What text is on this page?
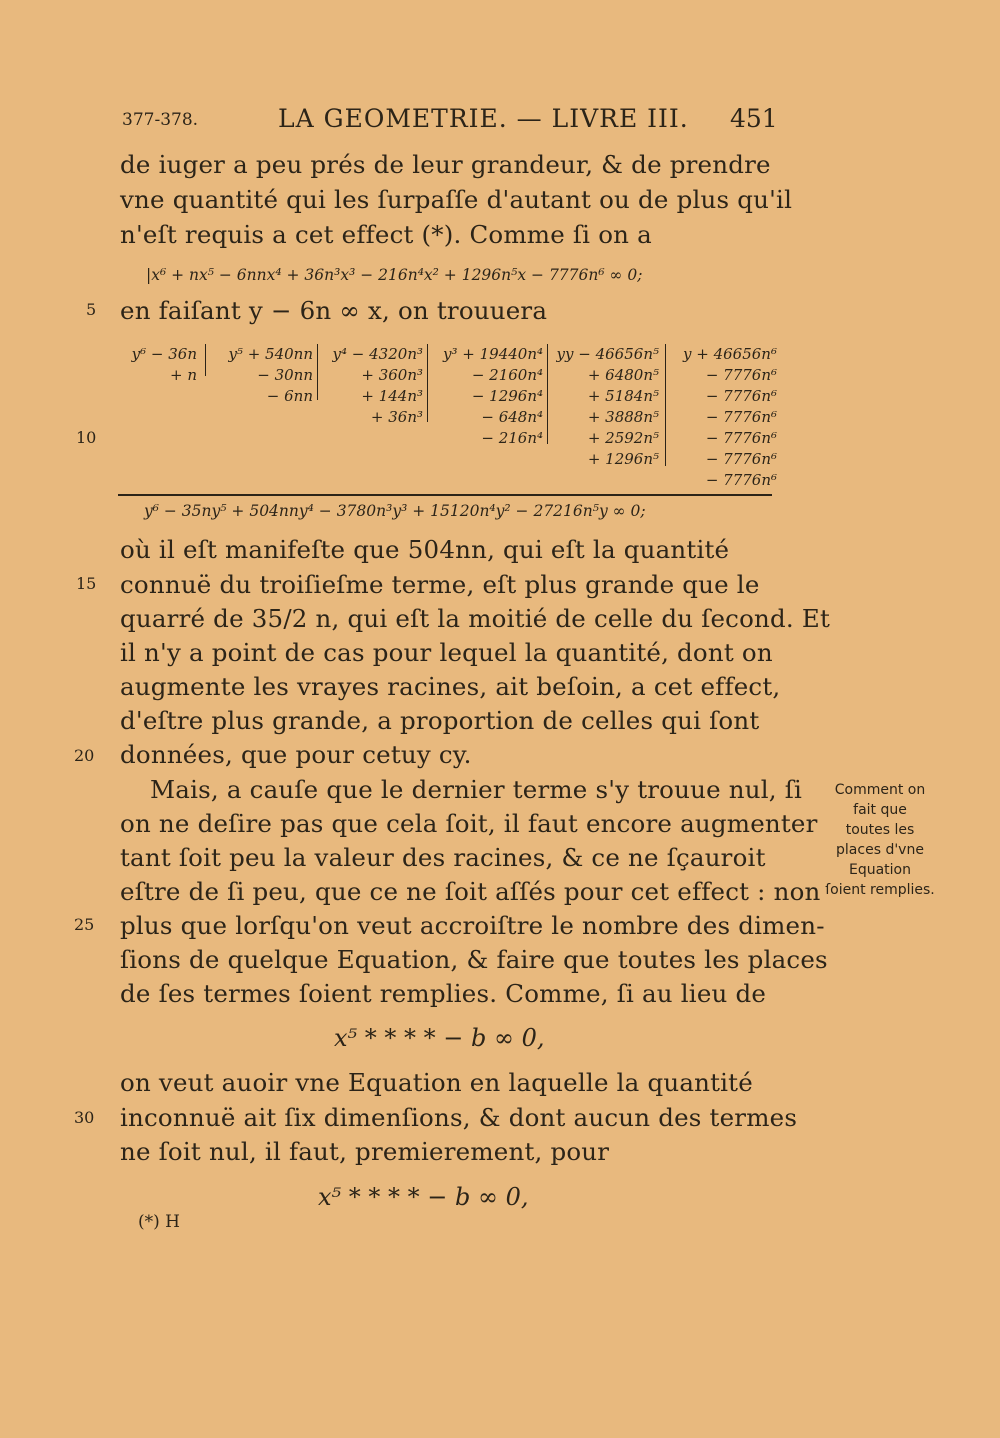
377-378.	LA GEOMETRIE. — LIVRE III. 451
de iuger a peu prés de leur grandeur, & de prendre
vne quantité qui les ſurpaſſe d'autant ou de plus qu'il
n'eſt requis a cet effect (*). Comme ſi on a
|x⁶ + nx⁵ − 6nnx⁴ + 36n³x³ − 216n⁴x² + 1296n⁵x − 7776n⁶ ∞ 0;
5 en faiſant y − 6n ∞ x, on trouuera
y⁶ − 36n
+ n
y⁵ + 540nn
− 30nn
− 6nn
y⁴ − 4320n³
+ 360n³
+ 144n³
+ 36n³
y³ + 19440n⁴
− 2160n⁴
− 1296n⁴
− 648n⁴
− 216n⁴
yy − 46656n⁵
+ 6480n⁵
+ 5184n⁵
+ 3888n⁵
+ 2592n⁵
+ 1296n⁵
y + 46656n⁶
− 7776n⁶
− 7776n⁶
− 7776n⁶
− 7776n⁶
− 7776n⁶
− 7776n⁶
10
y⁶ − 35ny⁵ + 504nny⁴ − 3780n³y³ + 15120n⁴y² − 27216n⁵y ∞ 0;
où il eſt manifeſte que 504nn, qui eſt la quantité
15 connuë du troiſieſme terme, eſt plus grande que le
quarré de 35/2 n, qui eſt la moitié de celle du ſecond. Et
il n'y a point de cas pour lequel la quantité, dont on
augmente les vrayes racines, ait beſoin, a cet effect,
d'eſtre plus grande, a proportion de celles qui ſont
20 données, que pour cetuy cy.
Mais, a cauſe que le dernier terme s'y trouue nul, ſi
on ne deſire pas que cela ſoit, il faut encore augmenter
tant ſoit peu la valeur des racines, & ce ne ſçauroit
eſtre de ſi peu, que ce ne ſoit aſſés pour cet effect : non
25 plus que lorſqu'on veut accroiſtre le nombre des dimen-
ſions de quelque Equation, & faire que toutes les places
de ſes termes ſoient remplies. Comme, ſi au lieu de
x⁵ * * * * − b ∞ 0,
on veut auoir vne Equation en laquelle la quantité
30 inconnuë ait ſix dimenſions, & dont aucun des termes
ne ſoit nul, il faut, premierement, pour
x⁵ * * * * − b ∞ 0,
(*) H
Comment on
fait que
toutes les
places d'vne
Equation
ſoient remplies.
